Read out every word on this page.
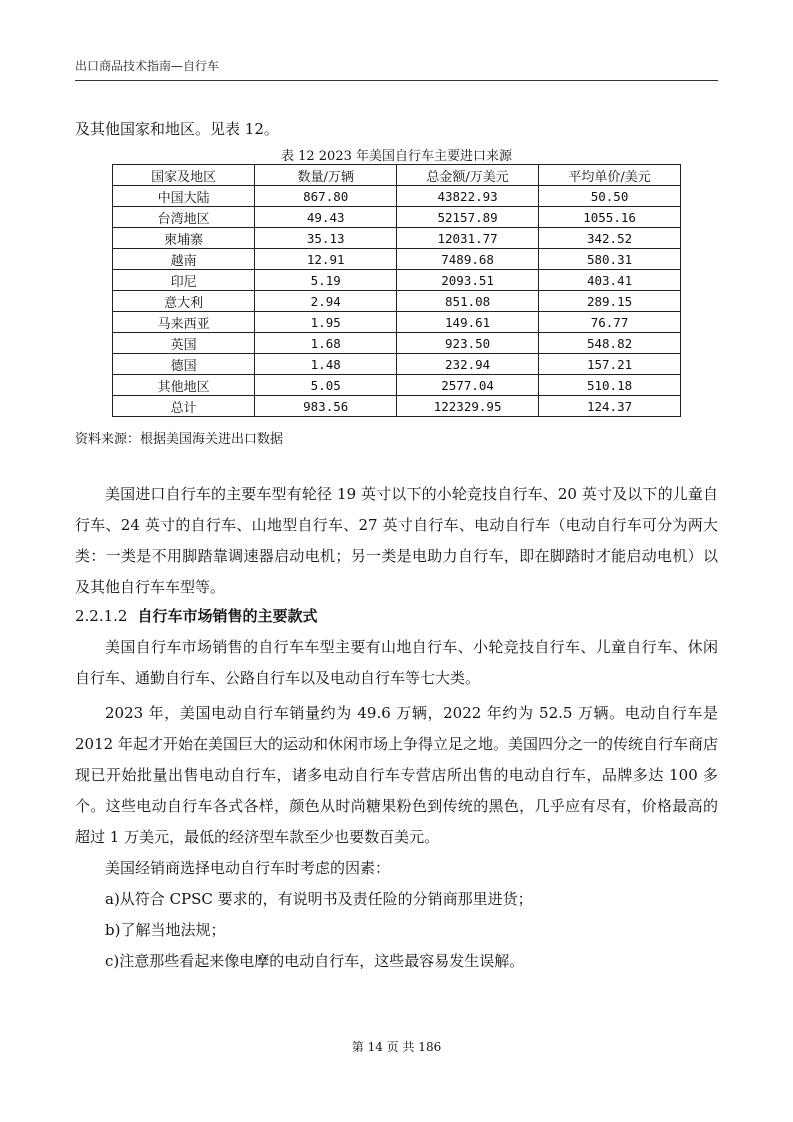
出口商品技术指南—自行车
及其他国家和地区。见表 12。
表 12 2023 年美国自行车主要进口来源
国家及地区	数量/万辆	总金额/万美元	平均单价/美元
中国大陆	867.80	43822.93	50.50
台湾地区	49.43	52157.89	1055.16
柬埔寨	35.13	12031.77	342.52
越南	12.91	7489.68	580.31
印尼	5.19	2093.51	403.41
意大利	2.94	851.08	289.15
马来西亚	1.95	149.61	76.77
英国	1.68	923.50	548.82
德国	1.48	232.94	157.21
其他地区	5.05	2577.04	510.18
总计	983.56	122329.95	124.37
资料来源：根据美国海关进出口数据
美国进口自行车的主要车型有轮径 19 英寸以下的小轮竞技自行车、20 英寸及以下的儿童自行车、24 英寸的自行车、山地型自行车、27 英寸自行车、电动自行车（电动自行车可分为两大类：一类是不用脚踏靠调速器启动电机；另一类是电助力自行车，即在脚踏时才能启动电机）以及其他自行车车型等。
2.2.1.2 自行车市场销售的主要款式
美国自行车市场销售的自行车车型主要有山地自行车、小轮竞技自行车、儿童自行车、休闲自行车、通勤自行车、公路自行车以及电动自行车等七大类。
2023 年，美国电动自行车销量约为 49.6 万辆，2022 年约为 52.5 万辆。电动自行车是 2012 年起才开始在美国巨大的运动和休闲市场上争得立足之地。美国四分之一的传统自行车商店现已开始批量出售电动自行车，诸多电动自行车专营店所出售的电动自行车，品牌多达 100 多个。这些电动自行车各式各样，颜色从时尚糖果粉色到传统的黑色，几乎应有尽有，价格最高的超过 1 万美元，最低的经济型车款至少也要数百美元。
美国经销商选择电动自行车时考虑的因素：
a)从符合 CPSC 要求的，有说明书及责任险的分销商那里进货；
b)了解当地法规；
c)注意那些看起来像电摩的电动自行车，这些最容易发生误解。
第 14 页 共 186
